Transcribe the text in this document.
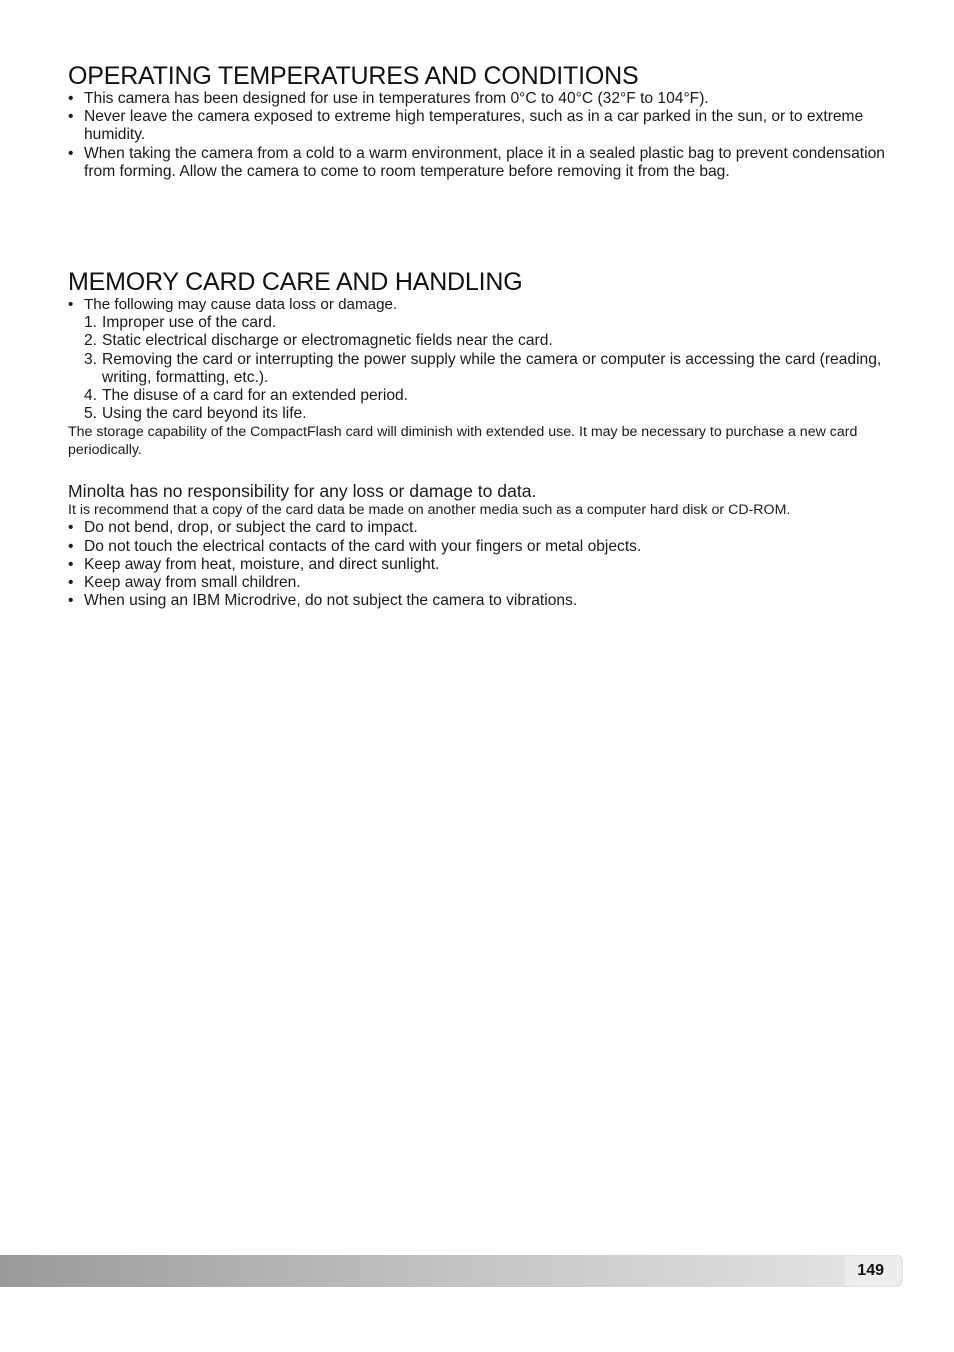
OPERATING TEMPERATURES AND CONDITIONS
• This camera has been designed for use in temperatures from 0°C to 40°C (32°F to 104°F).
• Never leave the camera exposed to extreme high temperatures, such as in a car parked in the sun, or to extreme humidity.
• When taking the camera from a cold to a warm environment, place it in a sealed plastic bag to prevent condensation from forming. Allow the camera to come to room temperature before removing it from the bag.
MEMORY CARD CARE AND HANDLING
• The following may cause data loss or damage.
1. Improper use of the card.
2. Static electrical discharge or electromagnetic fields near the card.
3. Removing the card or interrupting the power supply while the camera or computer is accessing the card (reading, writing, formatting, etc.).
4. The disuse of a card for an extended period.
5. Using the card beyond its life.

The storage capability of the CompactFlash card will diminish with extended use. It may be necessary to purchase a new card periodically.

Minolta has no responsibility for any loss or damage to data.

It is recommend that a copy of the card data be made on another media such as a computer hard disk or CD-ROM.

• Do not bend, drop, or subject the card to impact.
• Do not touch the electrical contacts of the card with your fingers or metal objects.
• Keep away from heat, moisture, and direct sunlight.
• Keep away from small children.
• When using an IBM Microdrive, do not subject the camera to vibrations.
149
